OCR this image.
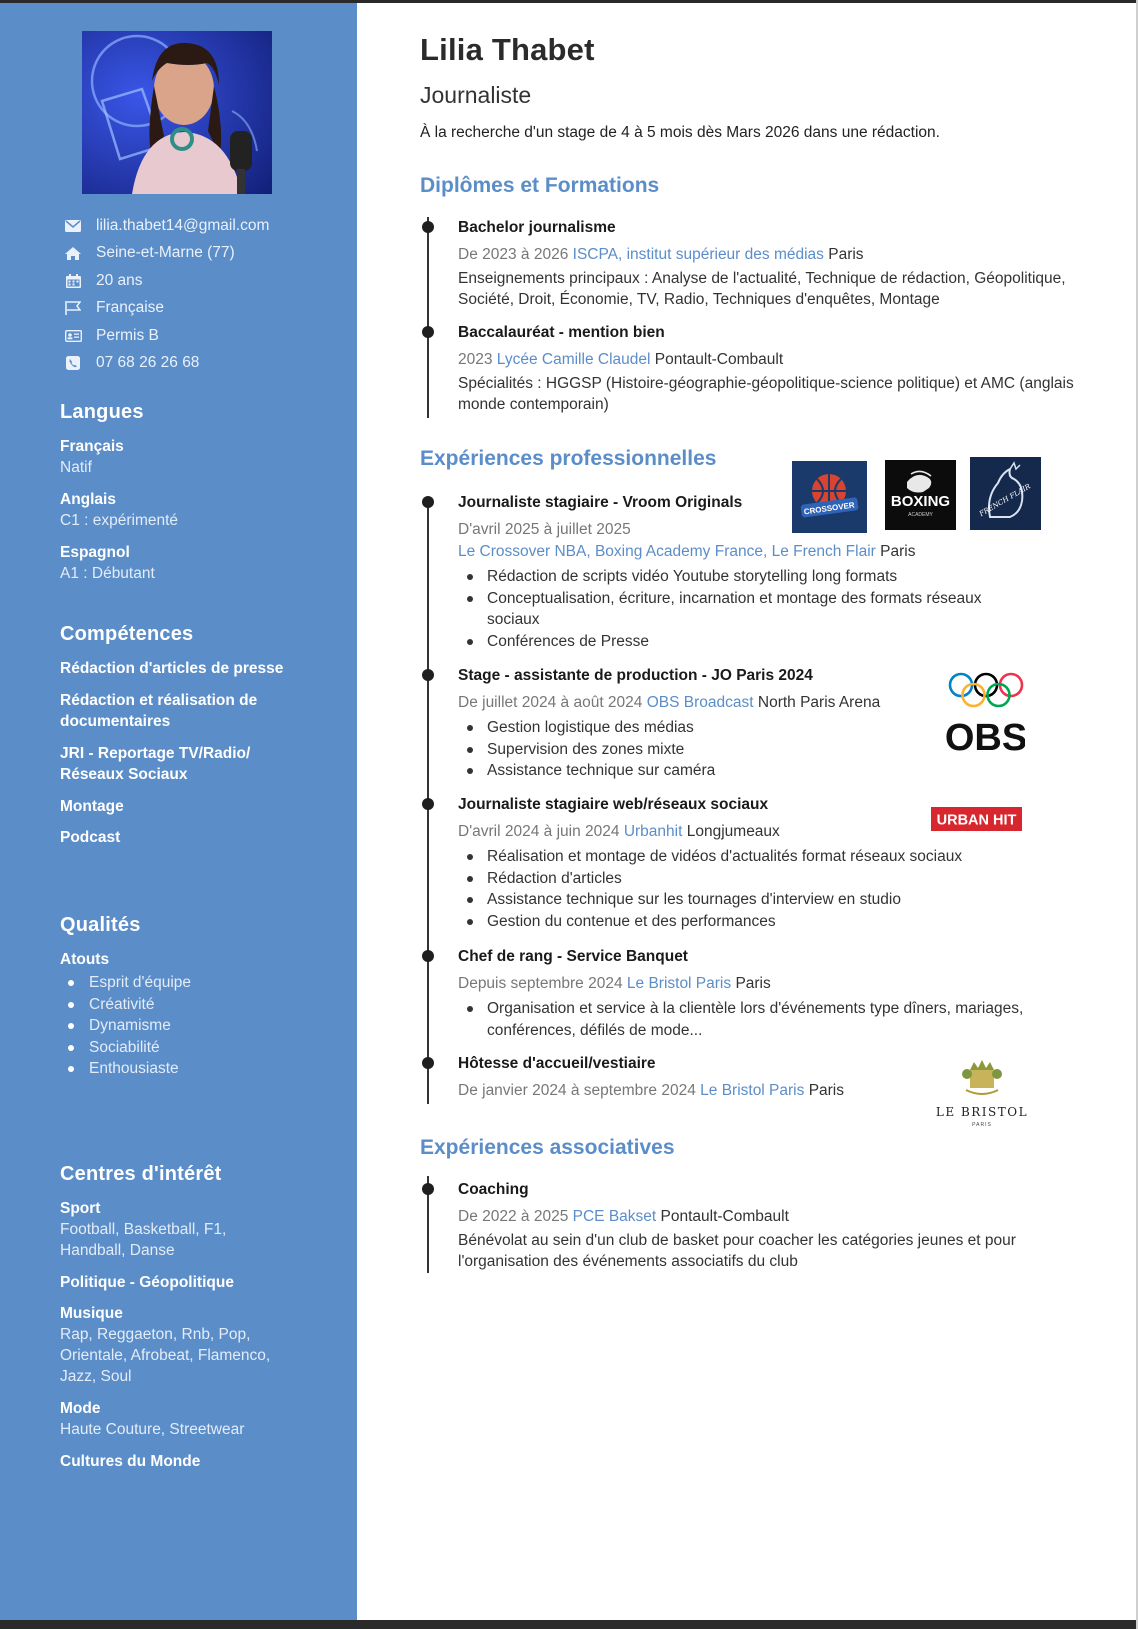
lilia.thabet14@gmail.com
Seine-et-Marne (77)
20 ans
Française
Permis B
07 68 26 26 68
Langues
Français
Natif
Anglais
C1 : expérimenté
Espagnol
A1 : Débutant
Compétences
Rédaction d'articles de presse
Rédaction et réalisation de documentaires
JRI - Reportage TV/Radio/ Réseaux Sociaux
Montage
Podcast
Qualités
Atouts
Esprit d'équipe
Créativité
Dynamisme
Sociabilité
Enthousiaste
Centres d'intérêt
Sport
Football, Basketball, F1, Handball, Danse
Politique - Géopolitique
Musique
Rap, Reggaeton, Rnb, Pop, Orientale, Afrobeat, Flamenco, Jazz, Soul
Mode
Haute Couture, Streetwear
Cultures du Monde
Lilia Thabet
Journaliste
À la recherche d'un stage de 4 à 5 mois dès Mars 2026 dans une rédaction.
Diplômes et Formations
Bachelor journalisme
De 2023 à 2026 ISCPA, institut supérieur des médias Paris
Enseignements principaux : Analyse de l'actualité, Technique de rédaction, Géopolitique, Société, Droit, Économie, TV, Radio, Techniques d'enquêtes, Montage
Baccalauréat - mention bien
2023 Lycée Camille Claudel Pontault-Combault
Spécialités : HGGSP (Histoire-géographie-géopolitique-science politique) et AMC (anglais monde contemporain)
Expériences professionnelles
CROSSOVER BOXING
ACADEMY	FRENCH FLAIR
Journaliste stagiaire - Vroom Originals
D'avril 2025 à juillet 2025
Le Crossover NBA, Boxing Academy France, Le French Flair Paris
Rédaction de scripts vidéo Youtube storytelling long formats
Conceptualisation, écriture, incarnation et montage des formats réseaux sociaux
Conférences de Presse
Stage - assistante de production - JO Paris 2024
De juillet 2024 à août 2024 OBS Broadcast North Paris Arena
Gestion logistique des médias
Supervision des zones mixte
Assistance technique sur caméra
OBS
Journaliste stagiaire web/réseaux sociaux
D'avril 2024 à juin 2024 Urbanhit Longjumeaux
Réalisation et montage de vidéos d'actualités format réseaux sociaux
Rédaction d'articles
Assistance technique sur les tournages d'interview en studio
Gestion du contenue et des performances
URBAN HIT
Chef de rang - Service Banquet
Depuis septembre 2024 Le Bristol Paris Paris
Organisation et service à la clientèle lors d'événements type dîners, mariages, conférences, défilés de mode...
Hôtesse d'accueil/vestiaire
De janvier 2024 à septembre 2024 Le Bristol Paris Paris
LE BRISTOL
PARIS
Expériences associatives
Coaching
De 2022 à 2025 PCE Bakset Pontault-Combault
Bénévolat au sein d'un club de basket pour coacher les catégories jeunes et pour l'organisation des événements associatifs du club
